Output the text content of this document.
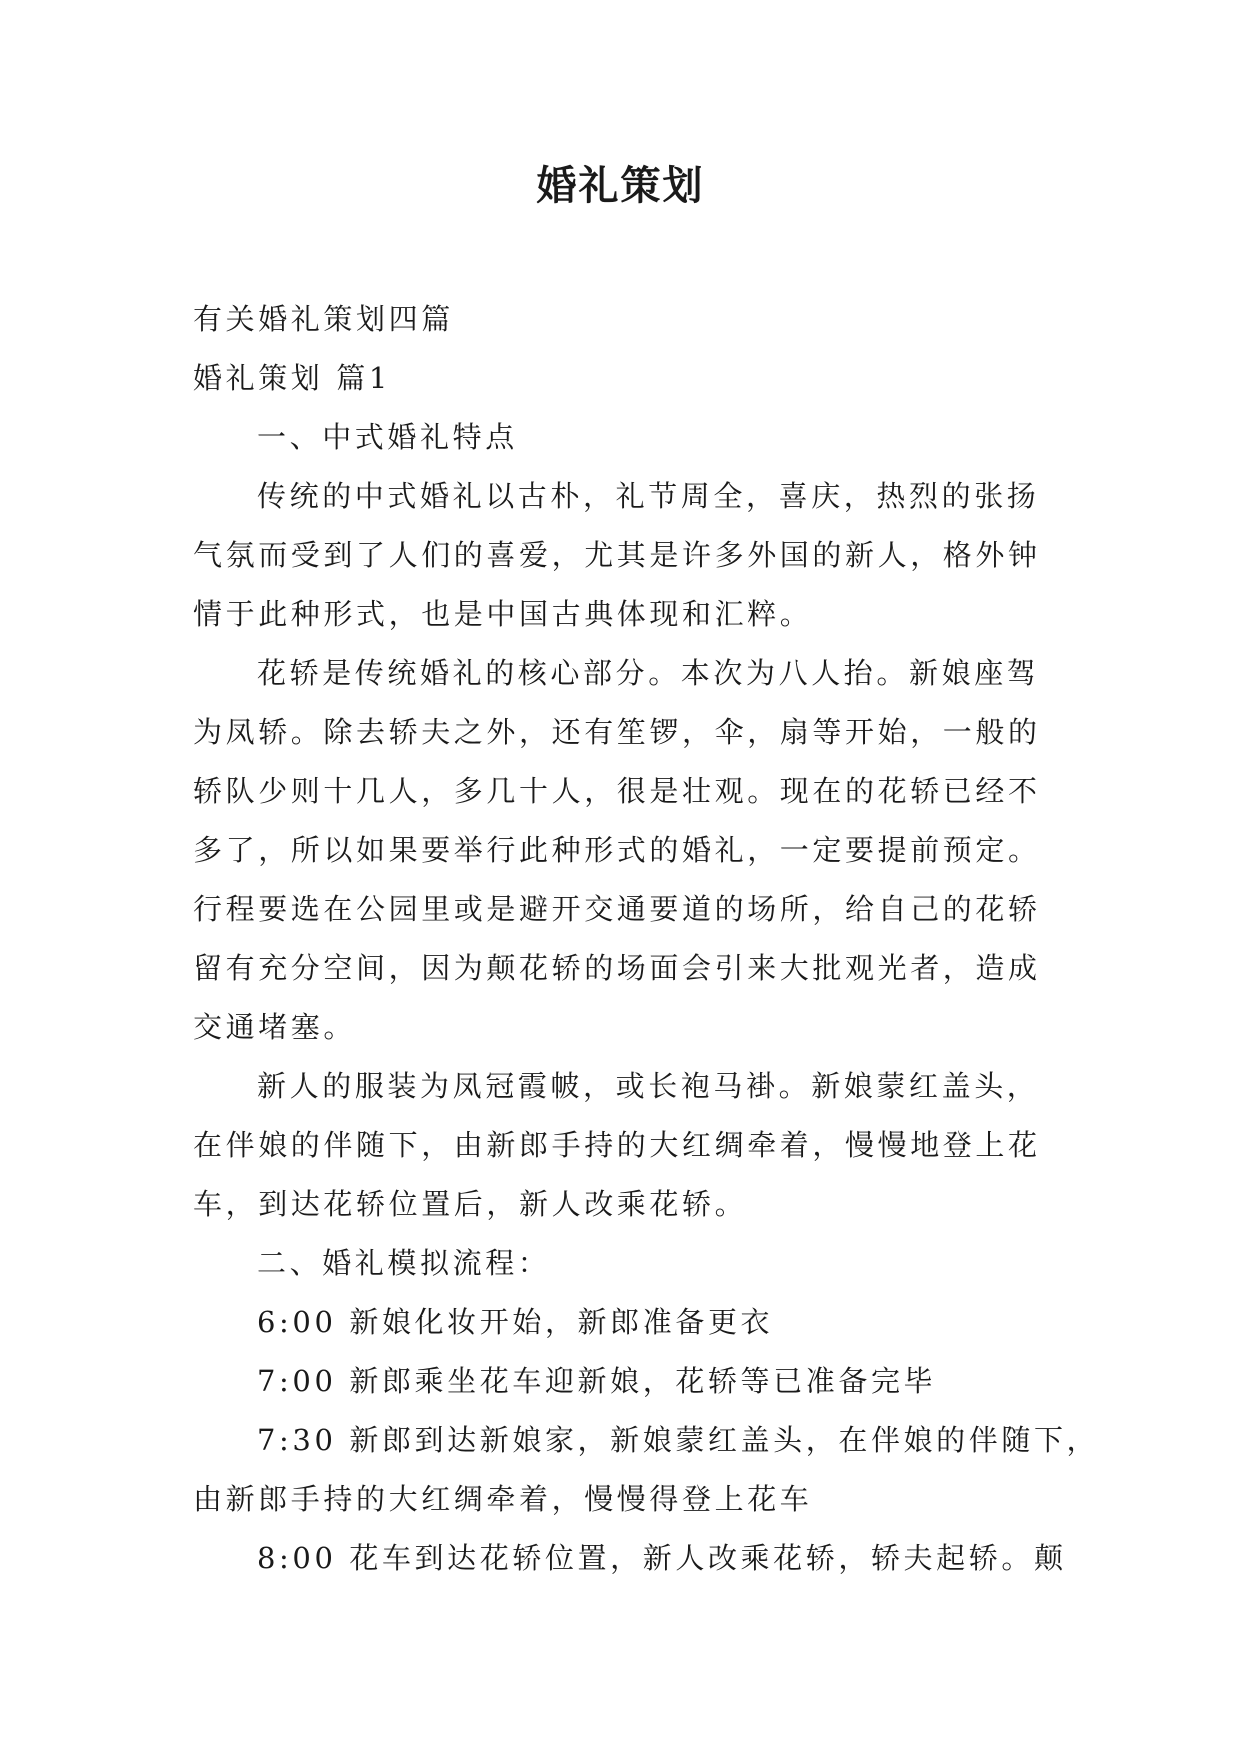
婚礼策划
有关婚礼策划四篇
婚礼策划 篇1
一、中式婚礼特点
传统的中式婚礼以古朴，礼节周全，喜庆，热烈的张扬
气氛而受到了人们的喜爱，尤其是许多外国的新人，格外钟
情于此种形式，也是中国古典体现和汇粹。
花轿是传统婚礼的核心部分。本次为八人抬。新娘座驾
为凤轿。除去轿夫之外，还有笙锣，伞，扇等开始，一般的
轿队少则十几人，多几十人，很是壮观。现在的花轿已经不
多了，所以如果要举行此种形式的婚礼，一定要提前预定。
行程要选在公园里或是避开交通要道的场所，给自己的花轿
留有充分空间，因为颠花轿的场面会引来大批观光者，造成
交通堵塞。
新人的服装为凤冠霞帔，或长袍马褂。新娘蒙红盖头，
在伴娘的伴随下，由新郎手持的大红绸牵着，慢慢地登上花
车，到达花轿位置后，新人改乘花轿。
二、婚礼模拟流程：
6:00 新娘化妆开始，新郎准备更衣
7:00 新郎乘坐花车迎新娘，花轿等已准备完毕
7:30 新郎到达新娘家，新娘蒙红盖头，在伴娘的伴随下，
由新郎手持的大红绸牵着，慢慢得登上花车
8:00 花车到达花轿位置，新人改乘花轿，轿夫起轿。颠
